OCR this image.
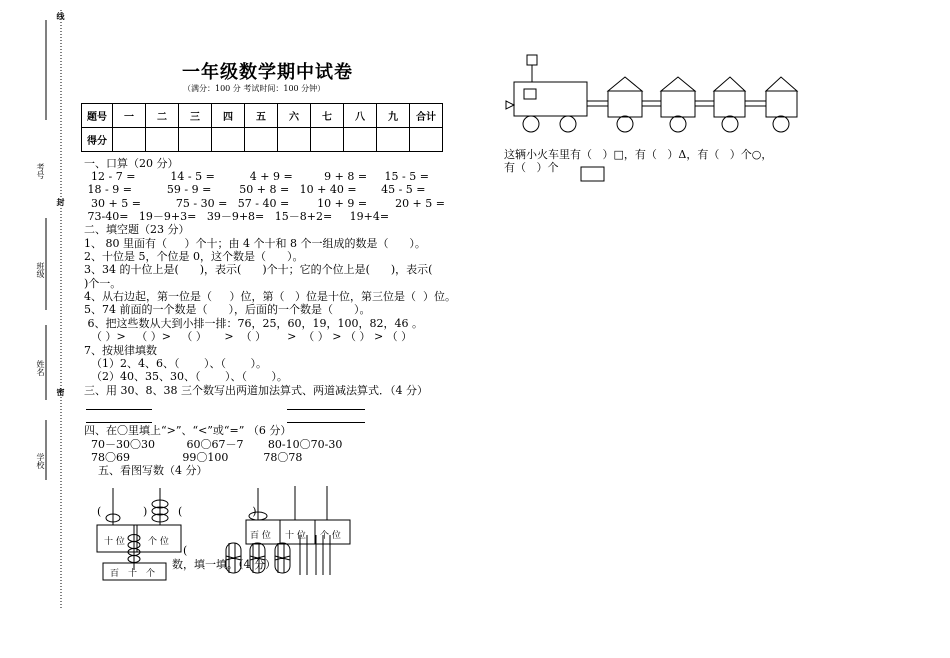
考号
班级
姓名
学校
线
封
密
一年级数学期中试卷
（满分：100 分 考试时间：100 分钟）
题号	一	二	三	四	五	六	七	八	九	合计
得分										
一、口算（20 分）
12 - 7 =          14 - 5 =          4 + 9 =         9 + 8 =     15 - 5 =
18 - 9 =          59 - 9 =        50 + 8 =   10 + 40 =       45 - 5 =
30 + 5 =          75 - 30 =   57 - 40 =        10 + 9 =        20 + 5 =
73-40=   19－9+3=   39－9+8=   15－8+2=     19+4=
二、填空题（23 分）
1、 80 里面有（     ）个十；由 4 个十和 8 个一组成的数是（      ）。
2、十位是 5，个位是 0，这个数是（      ）。
3、34 的十位上是(      )，表示(      )个十；它的个位上是(      )，表示(
)个一。
4、从右边起，第一位是（     ）位，第（   ）位是十位，第三位是（  ）位。
5、74 前面的一个数是（      ），后面的一个数是（      ）。
6、把这些数从大到小排一排：76，25，60，19，100，82，46 。
（ ）>   （ ）>   （ ）     >  （ ）      >  （ ） > （ ） > （ ）
7、按规律填数
（1）2、4、6、（       ）、（       ）。
（2）40、35、30、（       ）、（       ）。
三、用 30、8、38 三个数写出两道加法算式、两道减法算式．（4 分）
四、在〇里填上“>”、“<”或“=” （6 分）
70－30〇30         60〇67－7       80-10〇70-30
78〇69               99〇100          78〇78
五、看图写数（4 分）
(	)	(                    )
十 位	个 位
百 位 十 位 个 位
百 十 个
数，填一填。（4 分）
(
这辆小火车里有（   ）□，有（   ）Δ，有（   ）个○，
有（   ）个
